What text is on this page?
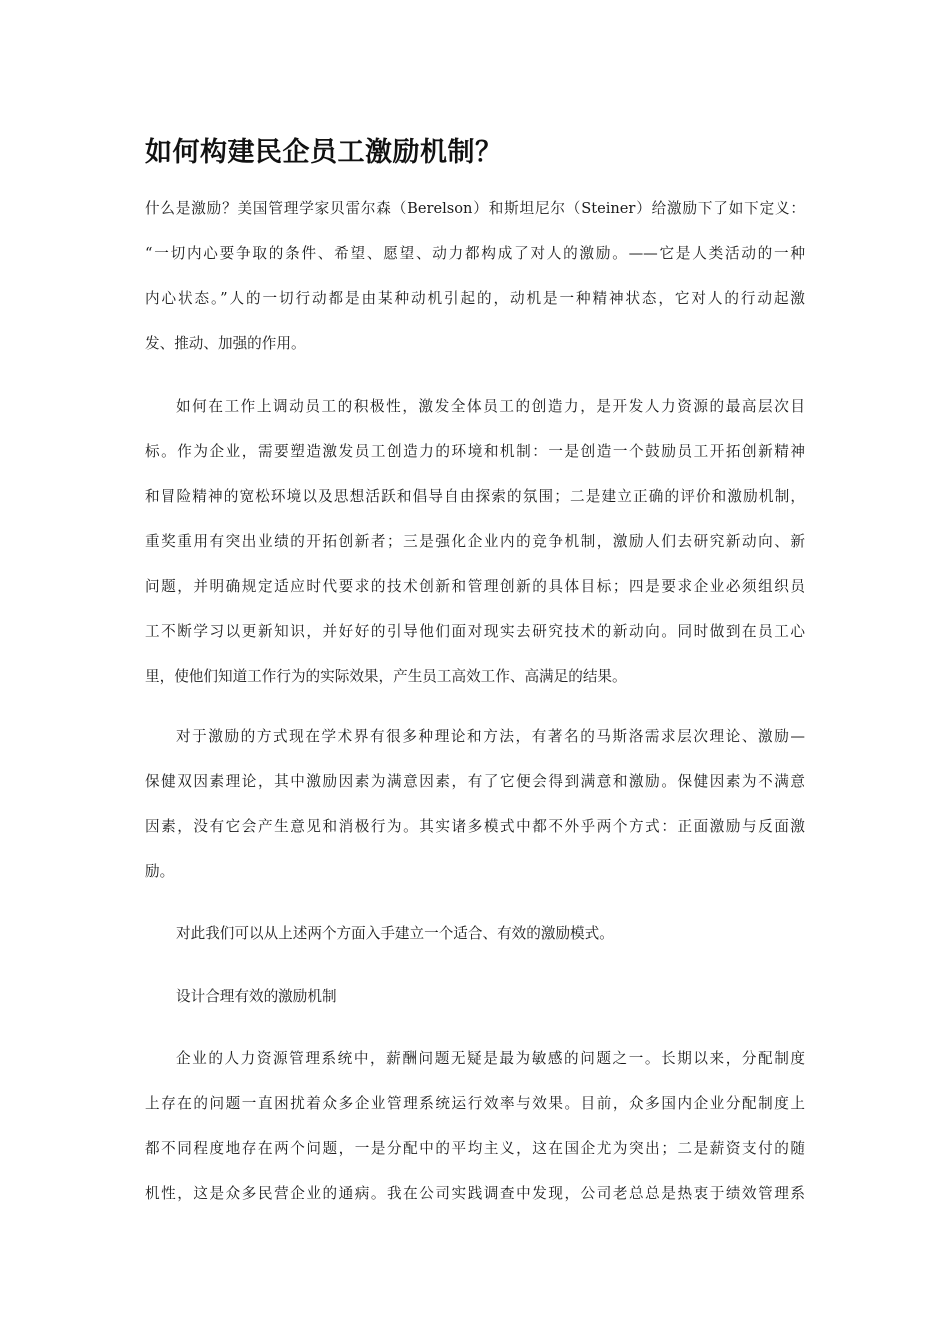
如何构建民企员工激励机制？

什么是激励？美国管理学家贝雷尔森（Berelson）和斯坦尼尔（Steiner）给激励下了如下定义：
“一切内心要争取的条件、希望、愿望、动力都构成了对人的激励。——它是人类活动的一种
内心状态。”人的一切行动都是由某种动机引起的，动机是一种精神状态，它对人的行动起激
发、推动、加强的作用。

如何在工作上调动员工的积极性，激发全体员工的创造力，是开发人力资源的最高层次目
标。作为企业，需要塑造激发员工创造力的环境和机制：一是创造一个鼓励员工开拓创新精神
和冒险精神的宽松环境以及思想活跃和倡导自由探索的氛围；二是建立正确的评价和激励机制，
重奖重用有突出业绩的开拓创新者；三是强化企业内的竞争机制，激励人们去研究新动向、新
问题，并明确规定适应时代要求的技术创新和管理创新的具体目标；四是要求企业必须组织员
工不断学习以更新知识，并好好的引导他们面对现实去研究技术的新动向。同时做到在员工心
里，使他们知道工作行为的实际效果，产生员工高效工作、高满足的结果。

对于激励的方式现在学术界有很多种理论和方法，有著名的马斯洛需求层次理论、激励—
保健双因素理论，其中激励因素为满意因素，有了它便会得到满意和激励。保健因素为不满意
因素，没有它会产生意见和消极行为。其实诸多模式中都不外乎两个方式：正面激励与反面激
励。

对此我们可以从上述两个方面入手建立一个适合、有效的激励模式。

设计合理有效的激励机制

企业的人力资源管理系统中，薪酬问题无疑是最为敏感的问题之一。长期以来，分配制度
上存在的问题一直困扰着众多企业管理系统运行效率与效果。目前，众多国内企业分配制度上
都不同程度地存在两个问题，一是分配中的平均主义，这在国企尤为突出；二是薪资支付的随
机性，这是众多民营企业的通病。我在公司实践调查中发现，公司老总总是热衷于绩效管理系
